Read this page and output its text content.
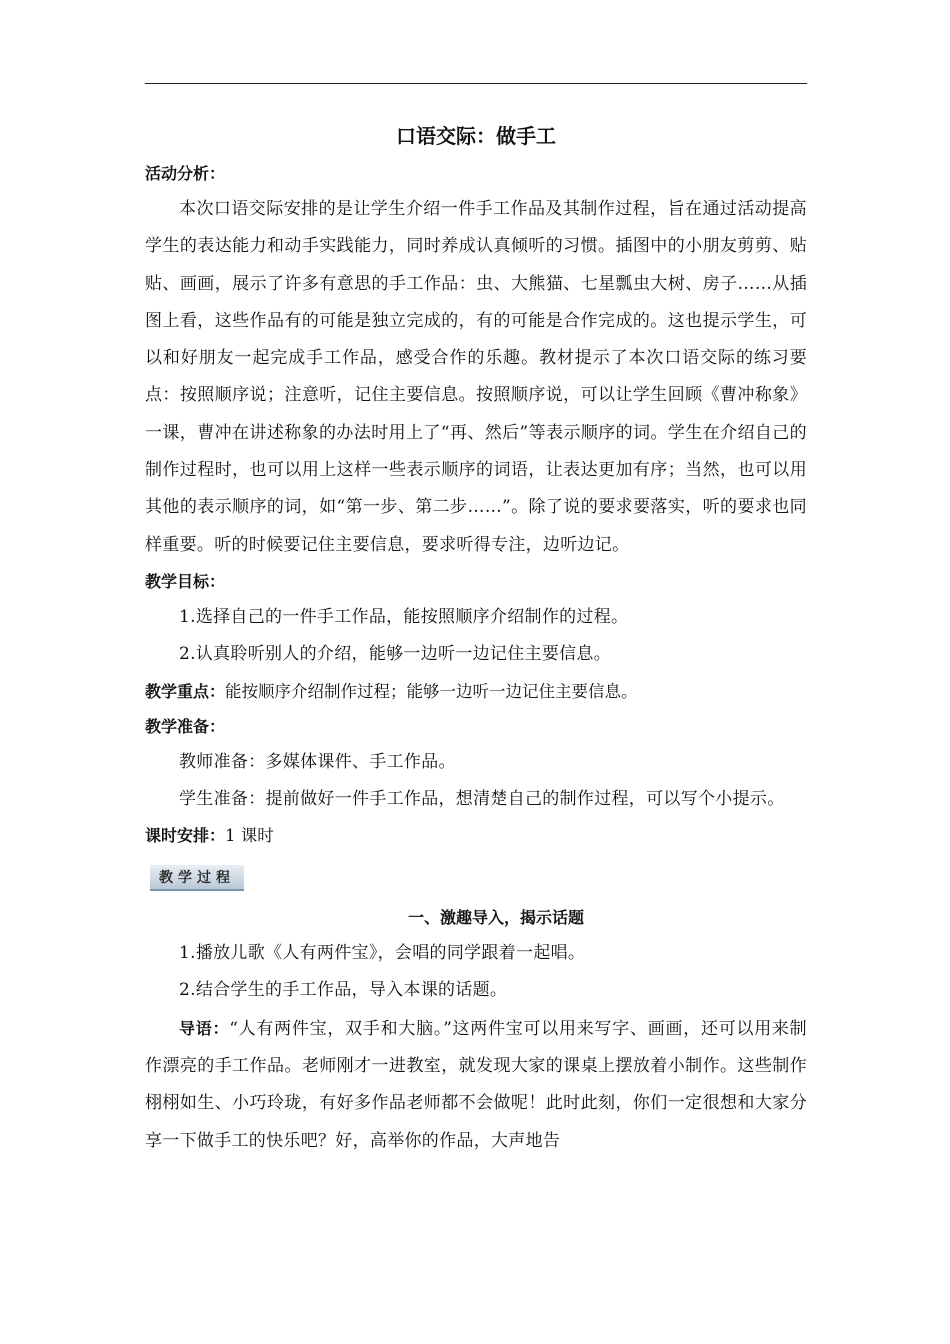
口语交际：做手工
活动分析：
本次口语交际安排的是让学生介绍一件手工作品及其制作过程，旨在通过活动提高学生的表达能力和动手实践能力，同时养成认真倾听的习惯。插图中的小朋友剪剪、贴贴、画画，展示了许多有意思的手工作品：虫、大熊猫、七星瓢虫大树、房子……从插图上看，这些作品有的可能是独立完成的，有的可能是合作完成的。这也提示学生，可以和好朋友一起完成手工作品，感受合作的乐趣。教材提示了本次口语交际的练习要点：按照顺序说；注意听，记住主要信息。按照顺序说，可以让学生回顾《曹冲称象》一课，曹冲在讲述称象的办法时用上了“再、然后”等表示顺序的词。学生在介绍自己的制作过程时，也可以用上这样一些表示顺序的词语，让表达更加有序；当然，也可以用其他的表示顺序的词，如“第一步、第二步……”。除了说的要求要落实，听的要求也同样重要。听的时候要记住主要信息，要求听得专注，边听边记。
教学目标：
1.选择自己的一件手工作品，能按照顺序介绍制作的过程。
2.认真聆听别人的介绍，能够一边听一边记住主要信息。
教学重点：能按顺序介绍制作过程；能够一边听一边记住主要信息。
教学准备：
教师准备：多媒体课件、手工作品。
学生准备：提前做好一件手工作品，想清楚自己的制作过程，可以写个小提示。
课时安排：1 课时
教学过程
一、激趣导入，揭示话题
1.播放儿歌《人有两件宝》，会唱的同学跟着一起唱。
2.结合学生的手工作品，导入本课的话题。
导语：“人有两件宝，双手和大脑。”这两件宝可以用来写字、画画，还可以用来制作漂亮的手工作品。老师刚才一进教室，就发现大家的课桌上摆放着小制作。这些制作栩栩如生、小巧玲珑，有好多作品老师都不会做呢！此时此刻，你们一定很想和大家分享一下做手工的快乐吧？好，高举你的作品，大声地告
